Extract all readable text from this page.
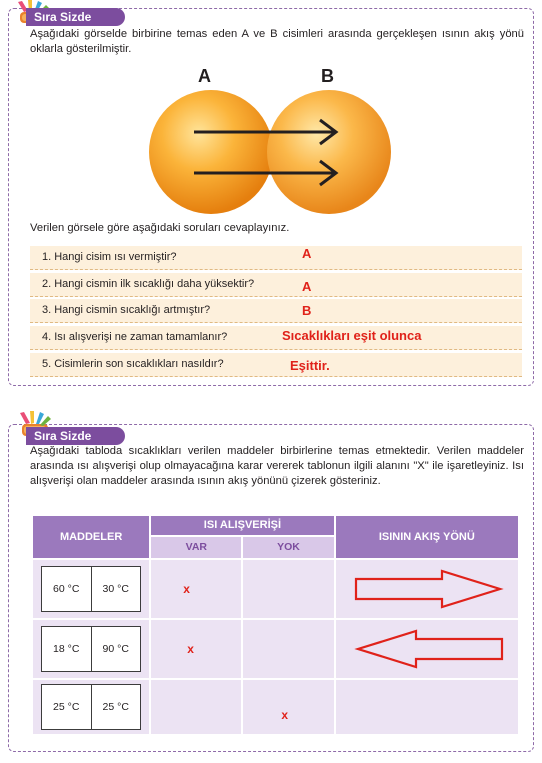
Sıra Sizde

Aşağıdaki görselde birbirine temas eden A ve B cisimleri arasında gerçekleşen ısının akış yönü oklarla gösterilmiştir.

A	B

Verilen görsele göre aşağıdaki soruları cevaplayınız.

1. Hangi cisim ısı vermiştir?	A
2. Hangi cismin ilk sıcaklığı daha yüksektir?	A
3. Hangi cismin sıcaklığı artmıştır?	B
4. Isı alışverişi ne zaman tamamlanır?	Sıcaklıkları eşit olunca
5. Cisimlerin son sıcaklıkları nasıldır?	Eşittir.
Sıra Sizde

Aşağıdaki tabloda sıcaklıkları verilen maddeler birbirlerine temas etmektedir. Verilen maddeler arasında ısı alışverişi olup olmayacağına karar vererek tablonun ilgili alanını "X" ile işaretleyiniz. Isı alışverişi olan maddeler arasında ısının akış yönünü çizerek gösteriniz.

MADDELER	ISI ALIŞVERİŞİ		ISININ AKIŞ YÖNÜ
	VAR	YOK	

60 °C 30 °C	x		

18 °C 90 °C	x		

25 °C 25 °C		x	
